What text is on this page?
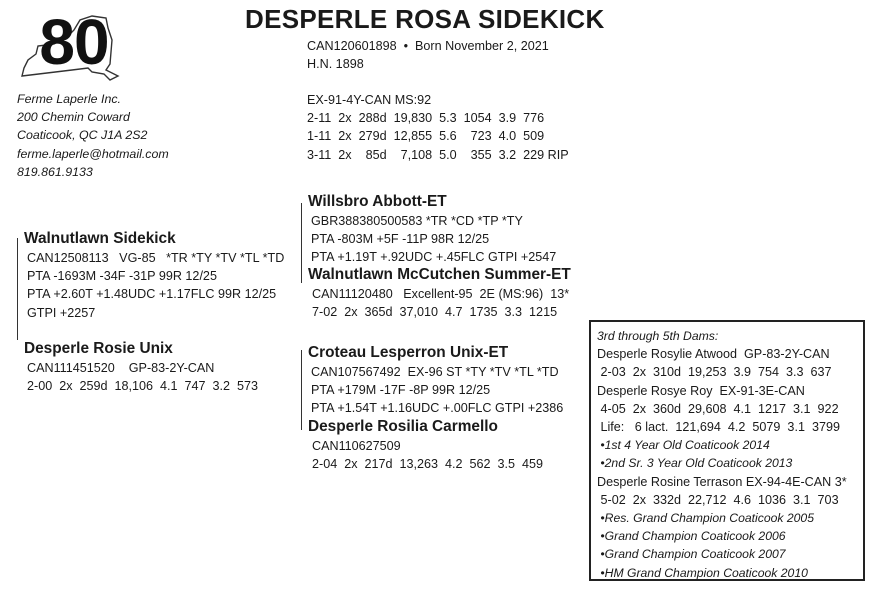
80	DESPERLE ROSA SIDEKICK
CAN120601898  •  Born November 2, 2021
H.N. 1898
EX-91-4Y-CAN MS:92
2-11  2x  288d  19,830  5.3  1054  3.9  776
1-11  2x  279d  12,855  5.6    723  4.0  509
3-11  2x    85d    7,108  5.0    355  3.2  229 RIP
Ferme Laperle Inc.
200 Chemin Coward
Coaticook, QC J1A 2S2
ferme.laperle@hotmail.com
819.861.9133
Walnutlawn Sidekick
CAN12508113   VG-85   *TR *TY *TV *TL *TD
PTA -1693M -34F -31P 99R 12/25
PTA +2.60T +1.48UDC +1.17FLC 99R 12/25
GTPI +2257
Desperle Rosie Unix
CAN111451520    GP-83-2Y-CAN
2-00  2x  259d  18,106  4.1  747  3.2  573
Willsbro Abbott-ET
GBR388380500583 *TR *CD *TP *TY
PTA -803M +5F -11P 98R 12/25
PTA +1.19T +.92UDC +.45FLC GTPI +2547
Walnutlawn McCutchen Summer-ET
CAN11120480   Excellent-95  2E (MS:96)  13*
7-02  2x  365d  37,010  4.7  1735  3.3  1215
Croteau Lesperron Unix-ET
CAN107567492  EX-96 ST *TY *TV *TL *TD
PTA +179M -17F -8P 99R 12/25
PTA +1.54T +1.16UDC +.00FLC GTPI +2386
Desperle Rosilia Carmello
CAN110627509
2-04  2x  217d  13,263  4.2  562  3.5  459
3rd through 5th Dams:
Desperle Rosylie Atwood  GP-83-2Y-CAN
2-03  2x  310d  19,253  3.9  754  3.3  637
Desperle Rosye Roy  EX-91-3E-CAN
4-05  2x  360d  29,608  4.1  1217  3.1  922
Life:   6 lact.  121,694  4.2  5079  3.1  3799
•1st 4 Year Old Coaticook 2014
•2nd Sr. 3 Year Old Coaticook 2013
Desperle Rosine Terrason EX-94-4E-CAN 3*
5-02  2x  332d  22,712  4.6  1036  3.1  703
•Res. Grand Champion Coaticook 2005
•Grand Champion Coaticook 2006
•Grand Champion Coaticook 2007
•HM Grand Champion Coaticook 2010
